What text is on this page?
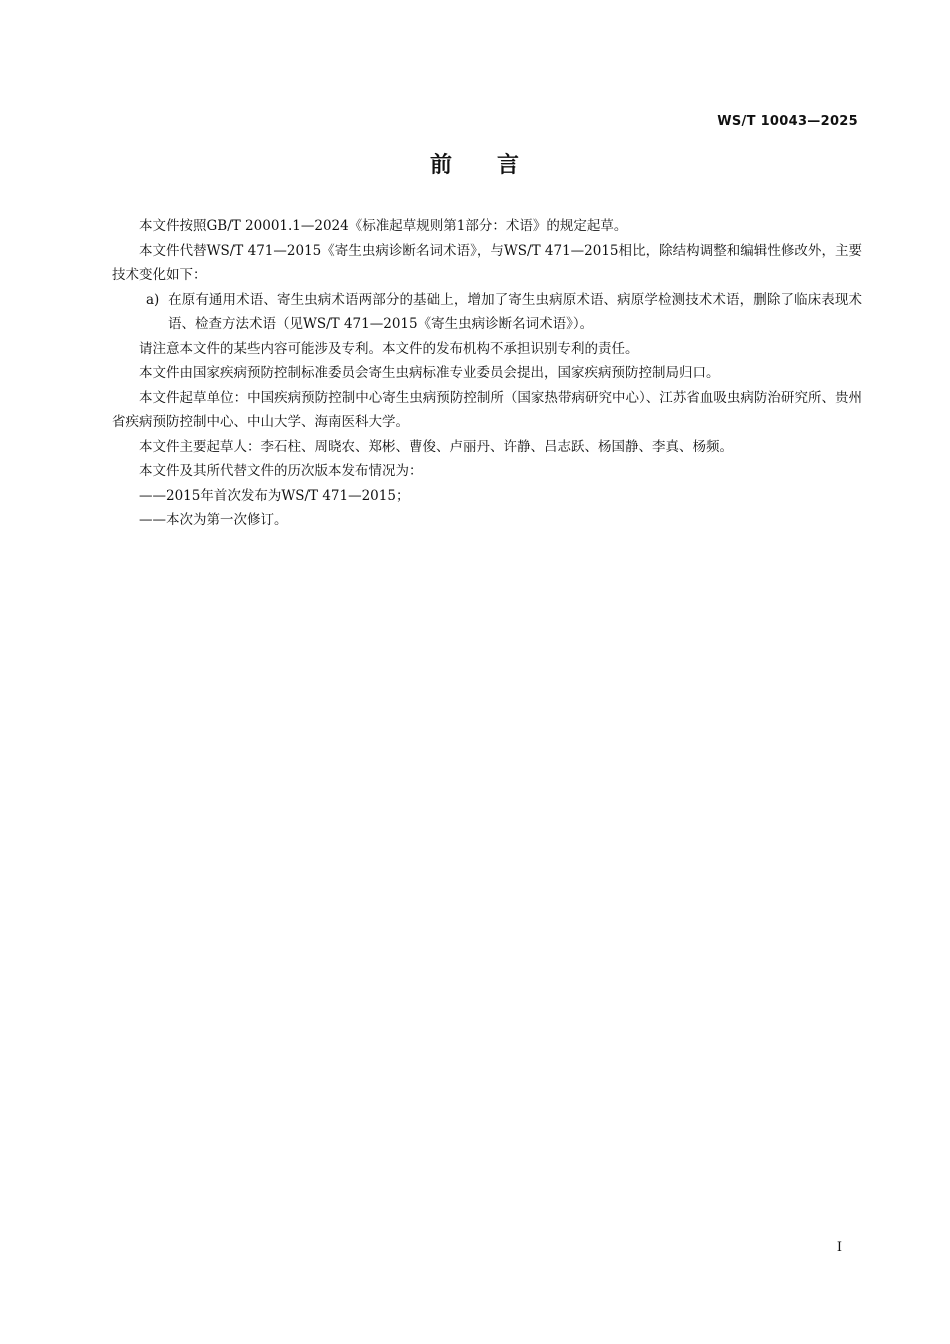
WS/T 10043—2025
前 言

本文件按照GB/T 20001.1—2024《标准起草规则第1部分：术语》的规定起草。

本文件代替WS/T 471—2015《寄生虫病诊断名词术语》，与WS/T 471—2015相比，除结构调整和编辑性修改外，主要技术变化如下：

a) 在原有通用术语、寄生虫病术语两部分的基础上，增加了寄生虫病原术语、病原学检测技术术语，删除了临床表现术语、检查方法术语（见WS/T 471—2015《寄生虫病诊断名词术语》）。

请注意本文件的某些内容可能涉及专利。本文件的发布机构不承担识别专利的责任。

本文件由国家疾病预防控制标准委员会寄生虫病标准专业委员会提出，国家疾病预防控制局归口。

本文件起草单位：中国疾病预防控制中心寄生虫病预防控制所（国家热带病研究中心）、江苏省血吸虫病防治研究所、贵州省疾病预防控制中心、中山大学、海南医科大学。

本文件主要起草人：李石柱、周晓农、郑彬、曹俊、卢丽丹、许静、吕志跃、杨国静、李真、杨频。

本文件及其所代替文件的历次版本发布情况为：

——2015年首次发布为WS/T 471—2015；

——本次为第一次修订。

I
